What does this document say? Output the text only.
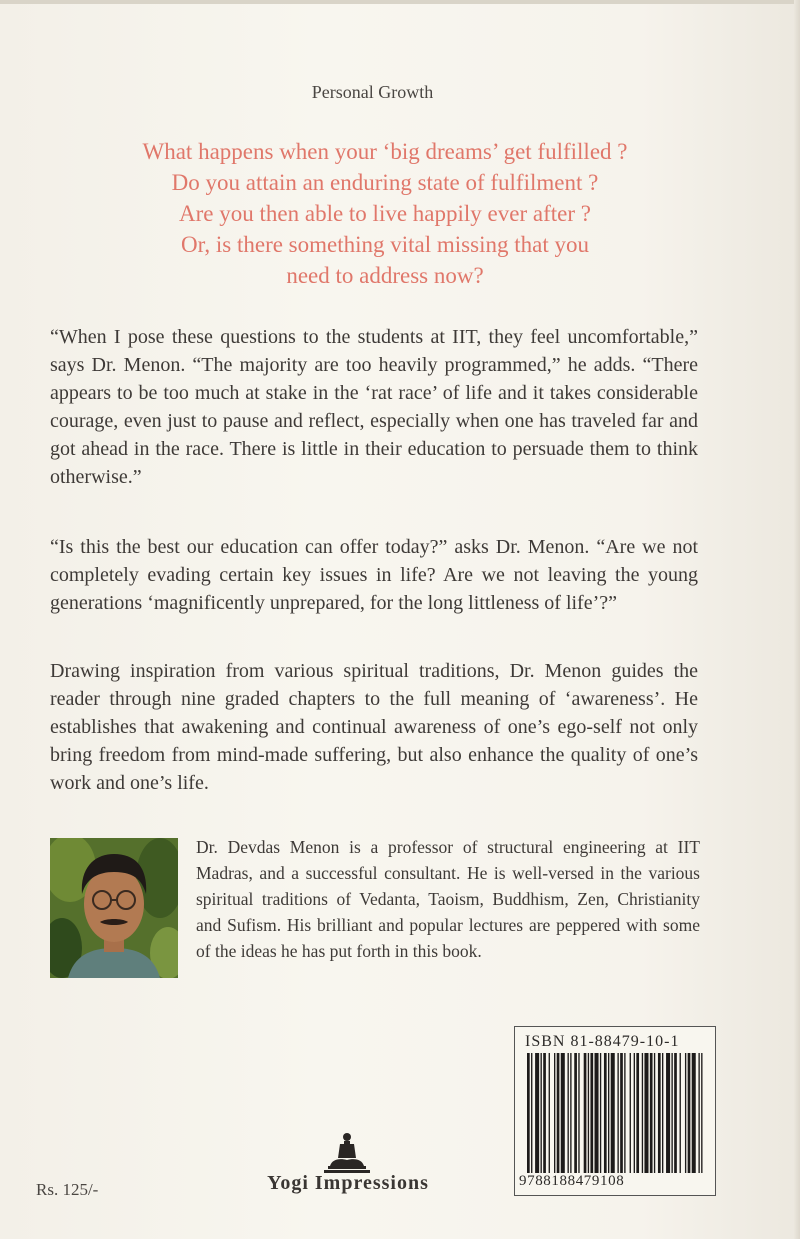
Personal Growth
What happens when your ‘big dreams’ get fulfilled ?
Do you attain an enduring state of fulfilment ?
Are you then able to live happily ever after ?
Or, is there something vital missing that you
need to address now?
“When I pose these questions to the students at IIT, they feel uncomfortable,” says Dr. Menon. “The majority are too heavily programmed,” he adds. “There appears to be too much at stake in the ‘rat race’ of life and it takes considerable courage, even just to pause and reflect, especially when one has traveled far and got ahead in the race. There is little in their education to persuade them to think otherwise.”
“Is this the best our education can offer today?” asks Dr. Menon. “Are we not completely evading certain key issues in life? Are we not leaving the young generations ‘magnificently unprepared, for the long littleness of life’?”
Drawing inspiration from various spiritual traditions, Dr. Menon guides the reader through nine graded chapters to the full meaning of ‘awareness’. He establishes that awakening and continual awareness of one’s ego-self not only bring freedom from mind-made suffering, but also enhance the quality of one’s work and one’s life.
Dr. Devdas Menon is a professor of structural engineering at IIT Madras, and a successful consultant. He is well-versed in the various spiritual traditions of Vedanta, Taoism, Buddhism, Zen, Christianity and Sufism. His brilliant and popular lectures are peppered with some of the ideas he has put forth in this book.
ISBN 81-88479-10-1
9788188479108
Yogi Impressions
Rs. 125/-
